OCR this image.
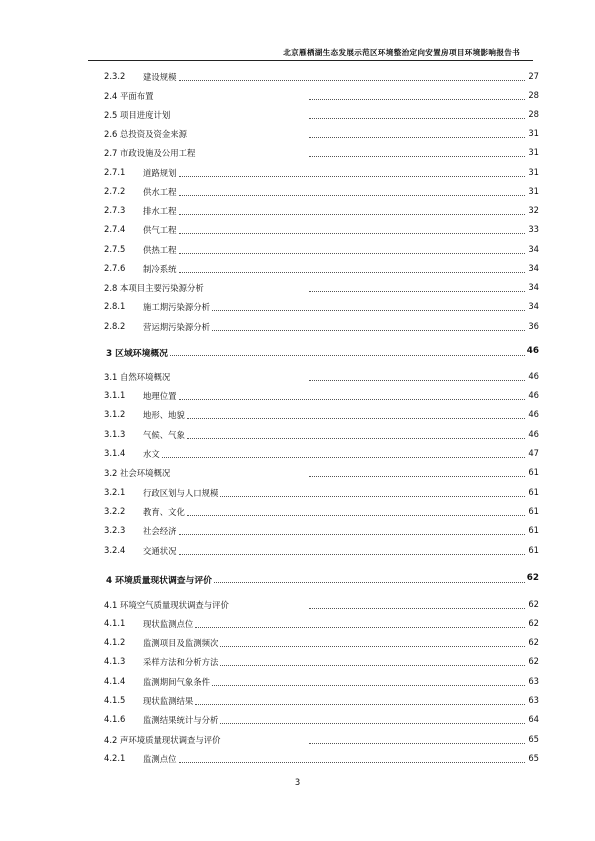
北京雁栖湖生态发展示范区环境整治定向安置房项目环境影响报告书
2.3.2 建设规模	27
2.4 平面布置	28
2.5 项目进度计划	28
2.6 总投资及资金来源	31
2.7 市政设施及公用工程	31
2.7.1 道路规划	31
2.7.2 供水工程	31
2.7.3 排水工程	32
2.7.4 供气工程	33
2.7.5 供热工程	34
2.7.6 制冷系统	34
2.8 本项目主要污染源分析	34
2.8.1 施工期污染源分析	34
2.8.2 营运期污染源分析	36
3 区域环境概况	46
3.1 自然环境概况	46
3.1.1 地理位置	46
3.1.2 地形、地貌	46
3.1.3 气候、气象	46
3.1.4 水文	47
3.2 社会环境概况	61
3.2.1 行政区划与人口规模	61
3.2.2 教育、文化	61
3.2.3 社会经济	61
3.2.4 交通状况	61
4 环境质量现状调查与评价	62
4.1 环境空气质量现状调查与评价	62
4.1.1 现状监测点位	62
4.1.2 监测项目及监测频次	62
4.1.3 采样方法和分析方法	62
4.1.4 监测期间气象条件	63
4.1.5 现状监测结果	63
4.1.6 监测结果统计与分析	64
4.2 声环境质量现状调查与评价	65
4.2.1 监测点位	65
3
